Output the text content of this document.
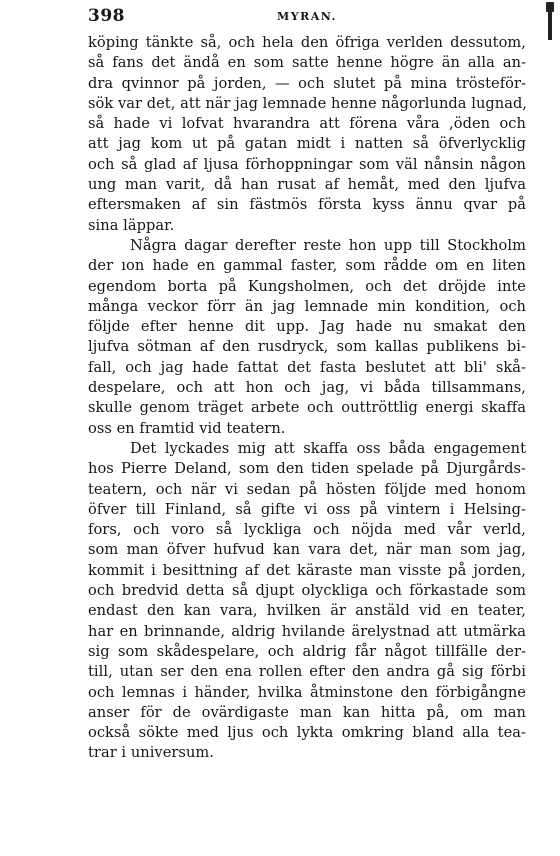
398	MYRAN.
köping tänkte så, och hela den öfriga verlden dessutom,
så fans det ändå en som satte henne högre än alla an-
dra qvinnor på jorden, — och slutet på mina trösteför-
sök var det, att när jag lemnade henne någorlunda lugnad,
så hade vi lofvat hvarandra att förena våra ,öden och
att jag kom ut på gatan midt i natten så öfverlycklig
och så glad af ljusa förhoppningar som väl nånsin någon
ung man varit, då han rusat af hemåt, med den ljufva
eftersmaken af sin fästmös första kyss ännu qvar på
sina läppar.
Några dagar derefter reste hon upp till Stockholm
der ıon hade en gammal faster, som rådde om en liten
egendom borta på Kungsholmen, och det dröjde inte
många veckor förr än jag lemnade min kondition, och
följde efter henne dit upp. Jag hade nu smakat den
ljufva sötman af den rusdryck, som kallas publikens bi-
fall, och jag hade fattat det fasta beslutet att bli' skå-
despelare, och att hon och jag, vi båda tillsammans,
skulle genom träget arbete och outtröttlig energi skaffa
oss en framtid vid teatern.
Det lyckades mig att skaffa oss båda engagement
hos Pierre Deland, som den tiden spelade på Djurgårds-
teatern, och när vi sedan på hösten följde med honom
öfver till Finland, så gifte vi oss på vintern i Helsing-
fors, och voro så lyckliga och nöjda med vår verld,
som man öfver hufvud kan vara det, när man som jag,
kommit i besittning af det käraste man visste på jorden,
och bredvid detta så djupt olyckliga och förkastade som
endast den kan vara, hvilken är anstäld vid en teater,
har en brinnande, aldrig hvilande ärelystnad att utmärka
sig som skådespelare, och aldrig får något tillfälle der-
till, utan ser den ena rollen efter den andra gå sig förbi
och lemnas i händer, hvilka åtminstone den förbigångne
anser för de ovärdigaste man kan hitta på, om man
också sökte med ljus och lykta omkring bland alla tea-
trar i universum.
